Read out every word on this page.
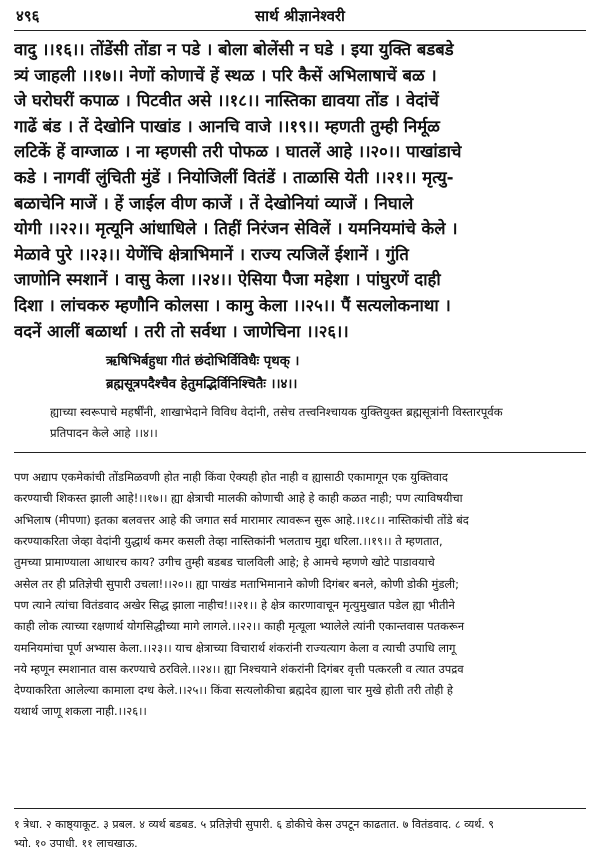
४९६	सार्थ श्रीज्ञानेश्वरी
वादु ।।१६।। तोंडेंसी तोंडा न पडे । बोला बोलेंसी न घडे । इया युक्ति बडबडे
त्र्यं जाहली ।।१७।। नेणों कोणाचें हें स्थळ । परि कैसें अभिलाषाचें बळ ।
जे घरोघरीं कपाळ । पिटवीत असे ।।१८।। नास्तिका द्यावया तोंड । वेदांचें
गाढें बंड । तें देखोनि पाखांड । आनचि वाजे ।।१९।। म्हणती तुम्ही निर्मूळ
लटिकें हें वाग्जाळ । ना म्हणसी तरी पोफळ । घातलें आहे ।।२०।। पाखांडाचे
कडे । नागवीं लुंचिती मुंडें । नियोजिलीं वितंडें । ताळासि येती ।।२१।। मृत्यु-
बळाचेनि माजें । हें जाईल वीण काजें । तें देखोनियां व्याजें । निघाले
योगी ।।२२।। मृत्यूनि आंधाधिले । तिहीं निरंजन सेविलें । यमनियमांचे केले ।
मेळावे पुरे ।।२३।। येणेंचि क्षेत्राभिमानें । राज्य त्यजिलें ईशानें । गुंति
जाणोनि स्मशानें । वासु केला ।।२४।। ऐसिया पैजा महेशा । पांघुरणें दाही
दिशा । लांचकरु म्हणौनि कोलसा । कामु केला ।।२५।। पैं सत्यलोकनाथा ।
वदनें आलीं बळार्था । तरी तो सर्वथा । जाणेचिना ।।२६।।
ऋषिभिर्बहुधा गीतं छंदोभिर्विविधैः पृथक् ।
ब्रह्मसूत्रपदैश्चैव हेतुमद्भिर्विनिश्चितैः ।।४।।
ह्याच्या स्वरूपाचे महर्षींनी, शाखाभेदाने विविध वेदांनी, तसेच तत्त्वनिश्चायक युक्तियुक्त ब्रह्मसूत्रांनी विस्तारपूर्वक
प्रतिपादन केले आहे ।।४।।
पण अद्याप एकमेकांची तोंडमिळवणी होत नाही किंवा ऐक्यही होत नाही व ह्यासाठी एकामागून एक युक्तिवाद
करण्याची शिकस्त झाली आहे!।।१७।। ह्या क्षेत्राची मालकी कोणाची आहे हे काही कळत नाही; पण त्याविषयीचा
अभिलाष (मीपणा) इतका बलवत्तर आहे की जगात सर्व मारामार त्यावरून सुरू आहे.।।१८।। नास्तिकांची तोंडे बंद
करण्याकरिता जेव्हा वेदांनी युद्धार्थ कमर कसली तेव्हा नास्तिकांनी भलताच मुद्दा धरिला.।।१९।। ते म्हणतात,
तुमच्या प्रामाण्याला आधारच काय? उगीच तुम्ही बडबड चालविली आहे; हे आमचे म्हणणे खोटे पाडावयाचे
असेल तर ही प्रतिज्ञेची सुपारी उचला!।।२०।। ह्या पाखंड मताभिमानाने कोणी दिगंबर बनले, कोणी डोकी मुंडली;
पण त्याने त्यांचा वितंडवाद अखेर सिद्ध झाला नाहीच!।।२१।। हे क्षेत्र कारणावाचून मृत्युमुखात पडेल ह्या भीतीने
काही लोक त्याच्या रक्षणार्थ योगसिद्धीच्या मागे लागले.।।२२।। काही मृत्यूला भ्यालेले त्यांनी एकान्तवास पतकरून
यमनियमांचा पूर्ण अभ्यास केला.।।२३।। याच क्षेत्राच्या विचारार्थ शंकरांनी राज्यत्याग केला व त्याची उपाधि लागू
नये म्हणून स्मशानात वास करण्याचे ठरविले.।।२४।। ह्या निश्चयाने शंकरांनी दिगंबर वृत्ती पत्करली व त्यात उपद्रव
देण्याकरिता आलेल्या कामाला दग्ध केले.।।२५।। किंवा सत्यलोकीचा ब्रह्मदेव ह्याला चार मुखे होती तरी तोही हे
यथार्थ जाणू शकला नाही.।।२६।।
१ त्रेधा. २ काष्ठ्याकूट. ३ प्रबल. ४ व्यर्थ बडबड. ५ प्रतिज्ञेची सुपारी. ६ डोकीचे केस उपटून काढतात. ७ वितंडवाद. ८ व्यर्थ. ९
भ्यो. १० उपाधी. ११ लाचखाऊ.
